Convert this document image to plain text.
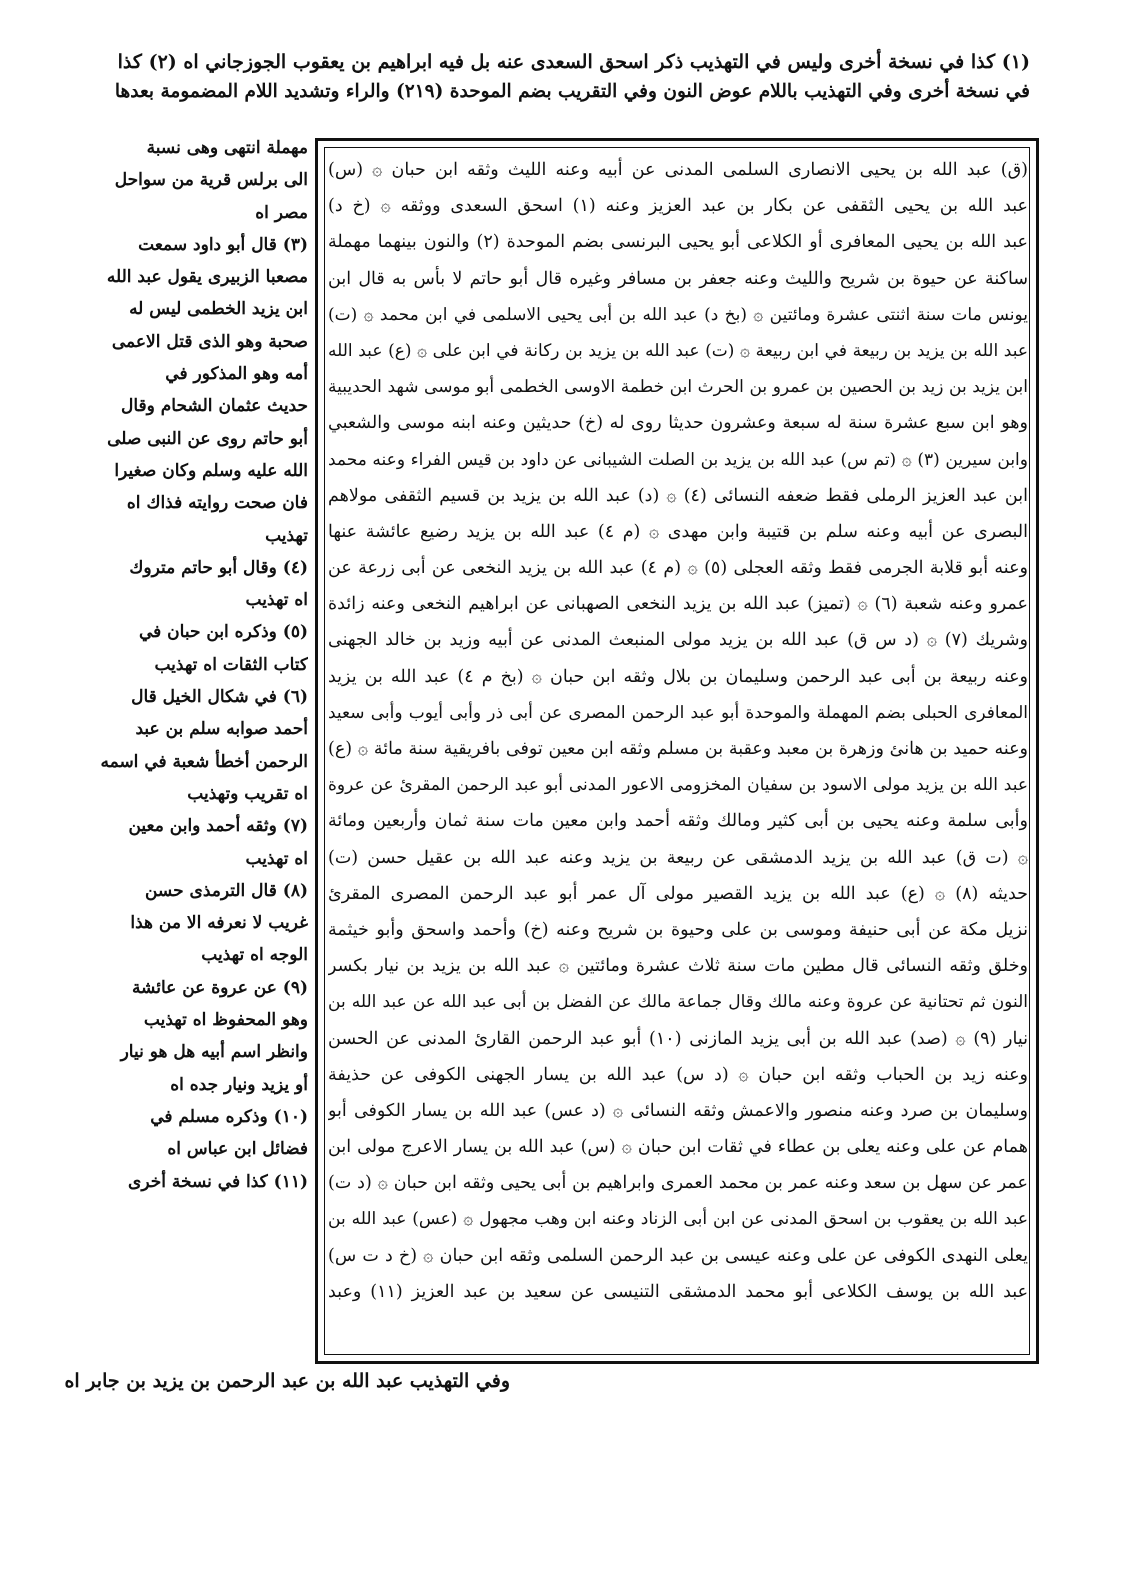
(١) كذا في نسخة أخرى وليس في التهذيب ذكر اسحق السعدى عنه بل فيه ابراهيم بن يعقوب الجوزجاني اه (٢) كذا
في نسخة أخرى وفي التهذيب باللام عوض النون وفي التقريب بضم الموحدة (٢١٩) والراء وتشديد اللام المضمومة بعدها
(ق) عبد الله بن يحيى الانصارى السلمى المدنى عن أبيه وعنه الليث وثقه ابن حبان ۞ (س)
عبد الله بن يحيى الثقفى عن بكار بن عبد العزيز وعنه (١) اسحق السعدى ووثقه ۞ (خ د)
عبد الله بن يحيى المعافرى أو الكلاعى أبو يحيى البرنسى بضم الموحدة (٢) والنون بينهما مهملة
ساكنة عن حيوة بن شريح والليث وعنه جعفر بن مسافر وغيره قال أبو حاتم لا بأس به قال ابن
يونس مات سنة اثنتى عشرة ومائتين ۞ (بخ د) عبد الله بن أبى يحيى الاسلمى في ابن محمد ۞ (ت)
عبد الله بن يزيد بن ربيعة في ابن ربيعة ۞ (ت) عبد الله بن يزيد بن ركانة في ابن على ۞ (ع) عبد الله
ابن يزيد بن زيد بن الحصين بن عمرو بن الحرث ابن خطمة الاوسى الخطمى أبو موسى شهد الحديبية
وهو ابن سبع عشرة سنة له سبعة وعشرون حديثا روى له (خ) حديثين وعنه ابنه موسى والشعبي
وابن سيرين (٣) ۞ (تم س) عبد الله بن يزيد بن الصلت الشيبانى عن داود بن قيس الفراء وعنه محمد
ابن عبد العزيز الرملى فقط ضعفه النسائى (٤) ۞ (د) عبد الله بن يزيد بن قسيم الثقفى مولاهم
البصرى عن أبيه وعنه سلم بن قتيبة وابن مهدى ۞ (م ٤) عبد الله بن يزيد رضيع عائشة عنها
وعنه أبو قلابة الجرمى فقط وثقه العجلى (٥) ۞ (م ٤) عبد الله بن يزيد النخعى عن أبى زرعة عن
عمرو وعنه شعبة (٦) ۞ (تميز) عبد الله بن يزيد النخعى الصهبانى عن ابراهيم النخعى وعنه زائدة
وشريك (٧) ۞ (د س ق) عبد الله بن يزيد مولى المنبعث المدنى عن أبيه وزيد بن خالد الجهنى
وعنه ربيعة بن أبى عبد الرحمن وسليمان بن بلال وثقه ابن حبان ۞ (بخ م ٤) عبد الله بن يزيد
المعافرى الحبلى بضم المهملة والموحدة أبو عبد الرحمن المصرى عن أبى ذر وأبى أيوب وأبى سعيد
وعنه حميد بن هانئ وزهرة بن معبد وعقبة بن مسلم وثقه ابن معين توفى بافريقية سنة مائة ۞ (ع)
عبد الله بن يزيد مولى الاسود بن سفيان المخزومى الاعور المدنى أبو عبد الرحمن المقرئ عن عروة
وأبى سلمة وعنه يحيى بن أبى كثير ومالك وثقه أحمد وابن معين مات سنة ثمان وأربعين ومائة
۞ (ت ق) عبد الله بن يزيد الدمشقى عن ربيعة بن يزيد وعنه عبد الله بن عقيل حسن (ت)
حديثه (٨) ۞ (ع) عبد الله بن يزيد القصير مولى آل عمر أبو عبد الرحمن المصرى المقرئ
نزيل مكة عن أبى حنيفة وموسى بن على وحيوة بن شريح وعنه (خ) وأحمد واسحق وأبو خيثمة
وخلق وثقه النسائى قال مطين مات سنة ثلاث عشرة ومائتين ۞ عبد الله بن يزيد بن نيار بكسر
النون ثم تحتانية عن عروة وعنه مالك وقال جماعة مالك عن الفضل بن أبى عبد الله عن عبد الله بن
نيار (٩) ۞ (صد) عبد الله بن أبى يزيد المازنى (١٠) أبو عبد الرحمن القارئ المدنى عن الحسن
وعنه زيد بن الحباب وثقه ابن حبان ۞ (د س) عبد الله بن يسار الجهنى الكوفى عن حذيفة
وسليمان بن صرد وعنه منصور والاعمش وثقه النسائى ۞ (د عس) عبد الله بن يسار الكوفى أبو
همام عن على وعنه يعلى بن عطاء في ثقات ابن حبان ۞ (س) عبد الله بن يسار الاعرج مولى ابن
عمر عن سهل بن سعد وعنه عمر بن محمد العمرى وابراهيم بن أبى يحيى وثقه ابن حبان ۞ (د ت)
عبد الله بن يعقوب بن اسحق المدنى عن ابن أبى الزناد وعنه ابن وهب مجهول ۞ (عس) عبد الله بن
يعلى النهدى الكوفى عن على وعنه عيسى بن عبد الرحمن السلمى وثقه ابن حبان ۞ (خ د ت س)
عبد الله بن يوسف الكلاعى أبو محمد الدمشقى التنيسى عن سعيد بن عبد العزيز (١١) وعبد
مهملة انتهى وهى نسبة
الى برلس قرية من سواحل
مصر اه
(٣) قال أبو داود سمعت
مصعبا الزبيرى يقول عبد الله
ابن يزيد الخطمى ليس له
صحبة وهو الذى قتل الاعمى
أمه وهو المذكور في
حديث عثمان الشحام وقال
أبو حاتم روى عن النبى صلى
الله عليه وسلم وكان صغيرا
فان صحت روايته فذاك اه
تهذيب
(٤) وقال أبو حاتم متروك
اه تهذيب
(٥) وذكره ابن حبان في
كتاب الثقات اه تهذيب
(٦) في شكال الخيل قال
أحمد صوابه سلم بن عبد
الرحمن أخطأ شعبة في اسمه
اه تقريب وتهذيب
(٧) وثقه أحمد وابن معين
اه تهذيب
(٨) قال الترمذى حسن
غريب لا نعرفه الا من هذا
الوجه اه تهذيب
(٩) عن عروة عن عائشة
وهو المحفوظ اه تهذيب
وانظر اسم أبيه هل هو نيار
أو يزيد ونيار جده اه
(١٠) وذكره مسلم في
فضائل ابن عباس اه
(١١) كذا في نسخة أخرى
وفي التهذيب عبد الله بن عبد الرحمن بن يزيد بن جابر اه
